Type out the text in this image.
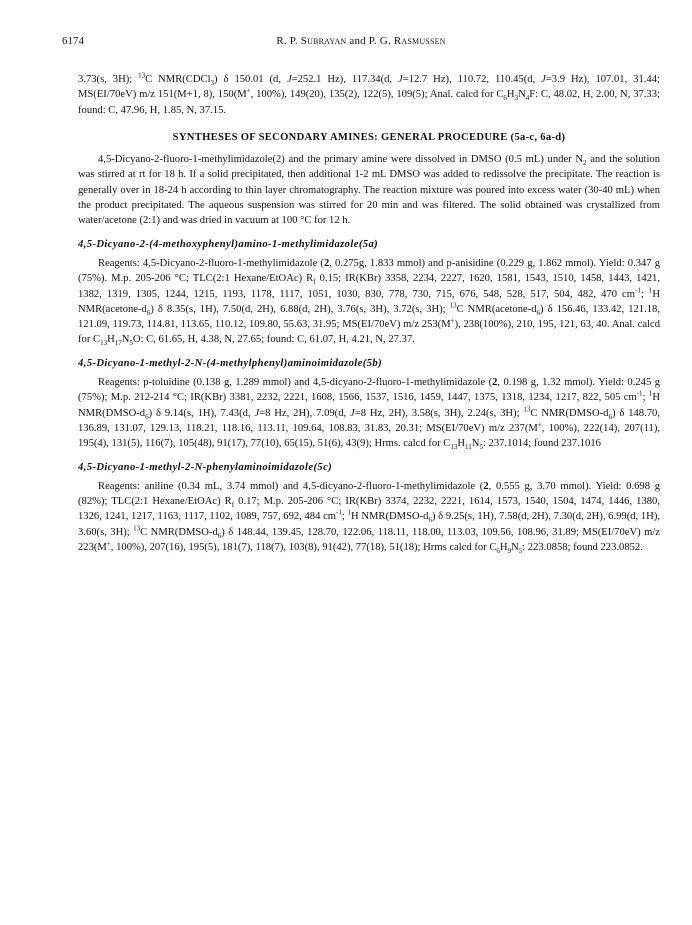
6174	R. P. Subrayan and P. G. Rasmussen

3.73(s, 3H); $^{13}$C NMR(CDCl$_3$) δ 150.01 (d, J=252.1 Hz), 117.34(d, J=12.7 Hz), 110.72, 110.45(d, J=3.9 Hz), 107.01, 31.44; MS(EI/70eV) m/z 151(M+1, 8), 150(M+, 100%), 149(20), 135(2), 122(5), 109(5); Anal. calcd for $C_6H_3N_4F$: C, 48.02, H, 2.00, N, 37.33; found: C, 47.96, H, 1.85, N, 37.15.

SYNTHESES OF SECONDARY AMINES: GENERAL PROCEDURE (5a-c, 6a-d)

4,5-Dicyano-2-fluoro-1-methylimidazole(2) and the primary amine were dissolved in DMSO (0.5 mL) under $N_2$ and the solution was stirred at rt for 18 h. If a solid precipitated, then additional 1-2 mL DMSO was added to redissolve the precipitate. The reaction is generally over in 18-24 h according to thin layer chromatography. The reaction mixture was poured into excess water (30-40 mL) when the product precipitated. The aqueous suspension was stirred for 20 min and was filtered. The solid obtained was crystallized from water/acetone (2:1) and was dried in vacuum at 100 °C for 12 h.

4,5-Dicyano-2-(4-methoxyphenyl)amino-1-methylimidazole(5a)

Reagents: 4,5-Dicyano-2-fluoro-1-methylimidazole (2, 0.275g, 1.833 mmol) and p-anisidine (0.229 g, 1.862 mmol). Yield: 0.347 g (75%). M.p. 205-206 °C; TLC(2:1 Hexane/EtOAc) $R_f$ 0.15; IR(KBr) 3358, 2234, 2227, 1620, 1581, 1543, 1510, 1458, 1443, 1421, 1382, 1319, 1305, 1244, 1215, 1193, 1178, 1117, 1051, 1030, 830, 778, 730, 715, 676, 548, 528, 517, 504, 482, 470 $cm^{-1}$; $^1$H $NMR(acetone-d_6)$ δ 8.35(s, 1H), 7.50(d, 2H), 6.88(d, 2H), 3.76(s, 3H), 3.72(s, 3H); $^{13}$C $NMR(acetone-d_6)$ δ 156.46, 133.42, 121.18, 121.09, 119.73, 114.81, 113.65, 110.12, 109.80, 55.63, 31.95; MS(EI/70eV) m/z 253(M+), 238(100%), 210, 195, 121, 63, 40. Anal. calcd for $C_{13}H_{17}N_5O$: C, 61.65, H, 4.38, N, 27.65; found: C, 61.07, H, 4.21, N, 27.37.

4,5-Dicyano-1-methyl-2-N-(4-methylphenyl)aminoimidazole(5b)

Reagents: p-toluidine (0.138 g, 1.289 mmol) and 4,5-dicyano-2-fluoro-1-methylimidazole (2, 0.198 g, 1.32 mmol). Yield: 0.245 g (75%); M.p. 212-214 °C; IR(KBr) 3381, 2232, 2221, 1608, 1566, 1537, 1516, 1459, 1447, 1375, 1318, 1234, 1217, 822, 505 $cm^{-1}$; $^1$H $NMR(DMSO-d_6)$ δ 9.14(s, 1H), 7.43(d, J=8 Hz, 2H), 7.09(d, J=8 Hz, 2H), 3.58(s, 3H), 2.24(s, 3H); $^{13}$C $NMR(DMSO-d_6)$ δ 148.70, 136.89, 131.07, 129.13, 118.21, 118.16, 113.11, 109.64, 108.83, 31.83, 20.31; MS(EI/70eV) m/z 237(M+, 100%), 222(14), 207(11), 195(4), 131(5), 116(7), 105(48), 91(17), 77(10), 65(15), 51(6), 43(9); Hrms. calcd for $C_{13}H_{11}N_5$: 237.1014; found 237.1016

4,5-Dicyano-1-methyl-2-N-phenylaminoimidazole(5c)

Reagents: aniline (0.34 mL, 3.74 mmol) and 4,5-dicyano-2-fluoro-1-methylimidazole (2, 0.555 g, 3.70 mmol). Yield: 0.698 g (82%); TLC(2:1 Hexane/EtOAc) $R_f$ 0.17; M.p. 205-206 °C; IR(KBr) 3374, 2232, 2221, 1614, 1573, 1540, 1504, 1474, 1446, 1380, 1326, 1241, 1217, 1163, 1117, 1102, 1089, 757, 692, 484 $cm^{-1}$; $^1$H $NMR(DMSO-d_6)$ δ 9.25(s, 1H), 7.58(d, 2H), 7.30(d, 2H), 6.99(d, 1H), 3.60(s, 3H); $^{13}$C $NMR(DMSO-d_6)$ δ 148.44, 139.45, 128.70, 122.06, 118.11, 118.00, 113.03, 109.56, 108.96, 31.89; MS(EI/70eV) m/z 223(M+, 100%), 207(16), 195(5), 181(7), 118(7), 103(8), 91(42), 77(18), 51(18); Hrms calcd for $C_6H_9N_5$: 223.0858; found 223.0852.
